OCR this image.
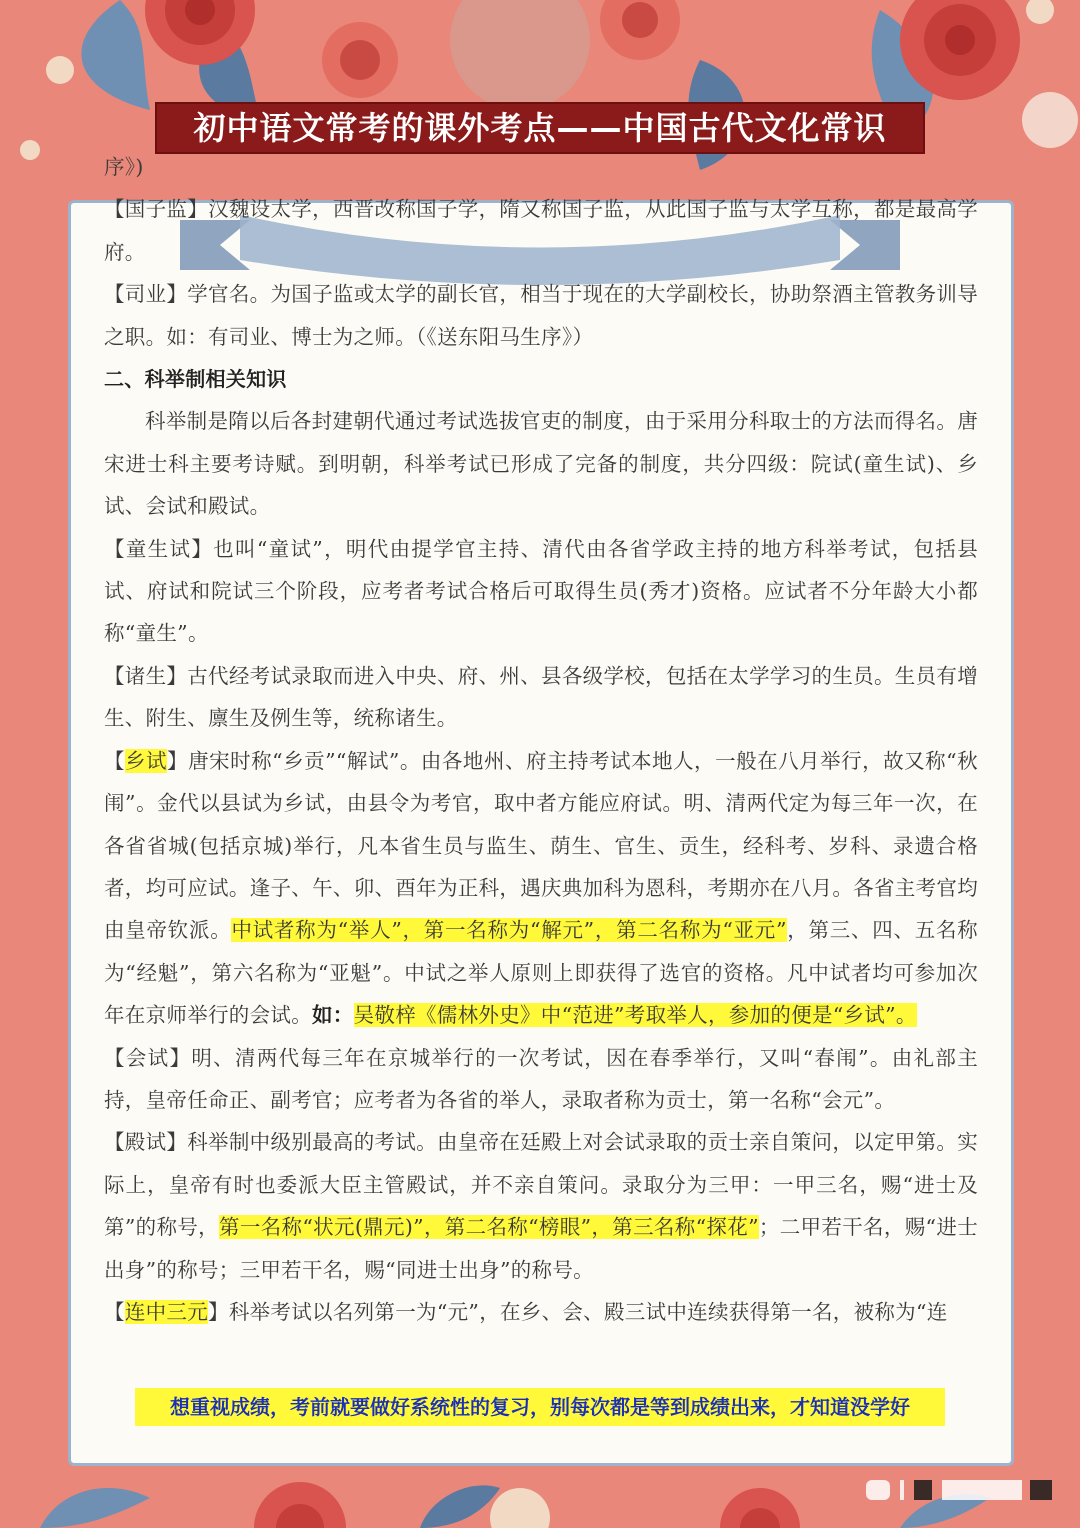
初中语文常考的课外考点——中国古代文化常识

序》)

【国子监】汉魏设太学，西晋改称国子学，隋又称国子监，从此国子监与太学互称，都是最高学府。

【司业】学官名。为国子监或太学的副长官，相当于现在的大学副校长，协助祭酒主管教务训导之职。如：有司业、博士为之师。（《送东阳马生序》）

二、科举制相关知识

科举制是隋以后各封建朝代通过考试选拔官吏的制度，由于采用分科取士的方法而得名。唐宋进士科主要考诗赋。到明朝，科举考试已形成了完备的制度，共分四级：院试(童生试)、乡试、会试和殿试。

【童生试】也叫“童试”，明代由提学官主持、清代由各省学政主持的地方科举考试，包括县试、府试和院试三个阶段，应考者考试合格后可取得生员(秀才)资格。应试者不分年龄大小都称“童生”。

【诸生】古代经考试录取而进入中央、府、州、县各级学校，包括在太学学习的生员。生员有增生、附生、廪生及例生等，统称诸生。

【乡试】唐宋时称“乡贡”“解试”。由各地州、府主持考试本地人，一般在八月举行，故又称“秋闱”。金代以县试为乡试，由县令为考官，取中者方能应府试。明、清两代定为每三年一次，在各省省城(包括京城)举行，凡本省生员与监生、荫生、官生、贡生，经科考、岁科、录遗合格者，均可应试。逢子、午、卯、酉年为正科，遇庆典加科为恩科，考期亦在八月。各省主考官均由皇帝钦派。中试者称为“举人”，第一名称为“解元”，第二名称为“亚元”，第三、四、五名称为“经魁”，第六名称为“亚魁”。中试之举人原则上即获得了选官的资格。凡中试者均可参加次年在京师举行的会试。如：吴敬梓《儒林外史》中“范进”考取举人，参加的便是“乡试”。

【会试】明、清两代每三年在京城举行的一次考试，因在春季举行，又叫“春闱”。由礼部主持，皇帝任命正、副考官；应考者为各省的举人，录取者称为贡士，第一名称“会元”。

【殿试】科举制中级别最高的考试。由皇帝在廷殿上对会试录取的贡士亲自策问，以定甲第。实际上，皇帝有时也委派大臣主管殿试，并不亲自策问。录取分为三甲：一甲三名，赐“进士及第”的称号，第一名称“状元(鼎元)”，第二名称“榜眼”，第三名称“探花”；二甲若干名，赐“进士出身”的称号；三甲若干名，赐“同进士出身”的称号。

【连中三元】科举考试以名列第一为“元”，在乡、会、殿三试中连续获得第一名，被称为“连

想重视成绩，考前就要做好系统性的复习，别每次都是等到成绩出来，才知道没学好
